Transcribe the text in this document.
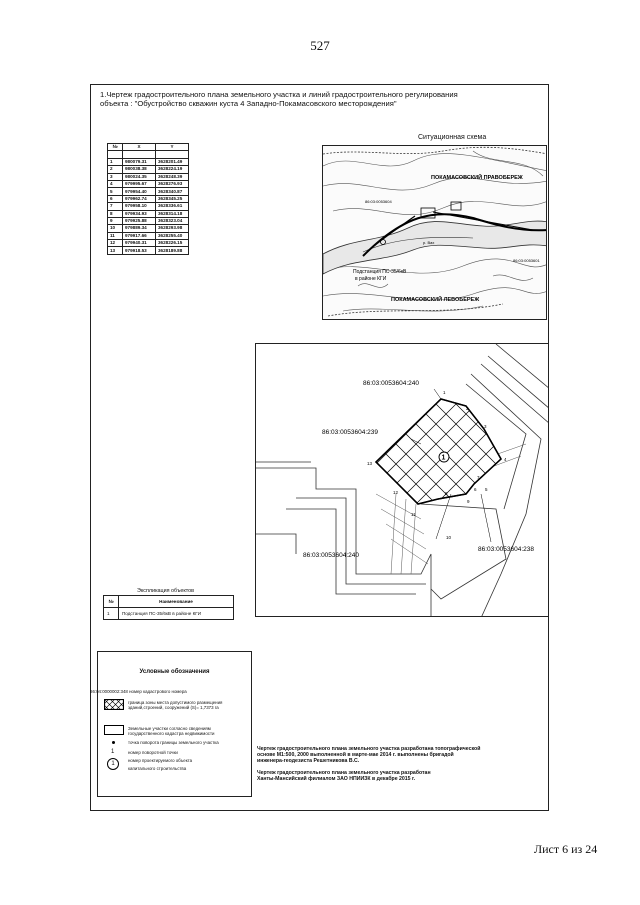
527
1.Чертеж градостроительного плана земельного участка и линий градостроительного регулирования
объекта : "Обустройство скважин куста 4 Западно-Покамасовского месторождения"
№	X	Y

1	980079.31	3628201.49
2	980038.38	3628224.19
3	980024.35	3628248.39
4	979995.67	3628276.93
5	979954.40	3628340.87
6	979962.74	3628345.25
7	979958.10	3628336.61
8	979934.93	3628314.18
9	979925.88	3628323.04
10	979889.34	3628293.98
11	979917.66	3628255.40
12	979940.31	3628226.15
13	979918.53	3628189.88
Ситуационная схема
ПОКАМАСОВСКИЙ ПРАВОБЕРЕЖ
86:03:0053604
86:03:0053601
р. Вах
Подстанция ПС-35/6кВ
в районе КГИ
ПОКАМАСОВСКИЙ ЛЕВОБЕРЕЖ
1
1
2
3
4
5
6
7
8
9
10
11
12
13
86:03:0053604:240
86:03:0053604:239
86:03:0053604:240
86:03:0053604:238
Экспликация объектов
№	Наименование
1	Подстанция ПС-35/6кВ в районе КГИ
Условные обозначения
86:04:0000002:348 номер кадастрового номера
граница зоны места допустимого размещения
зданий,строений, сооружений (S)= 1,7373 га
Земельные участки согласно сведениям
государственного кадастра недвижимости
точка поворота границы земельного участка
1	номер поворотной точки
1
номер проектируемого объекта
капитального строительства

Чертеж градостроительного плана земельного участка разработана топографической
основе М1:500, 2000 выполненной в марте-мае 2014 г. выполнены бригадой
инженера-геодезиста Решетникова В.С.

Чертеж градостроительного плана земельного участка разработан
Ханты-Мансийский филиалом ЗАО НПИИЗК в декабре 2015 г.

Лист 6 из 24
